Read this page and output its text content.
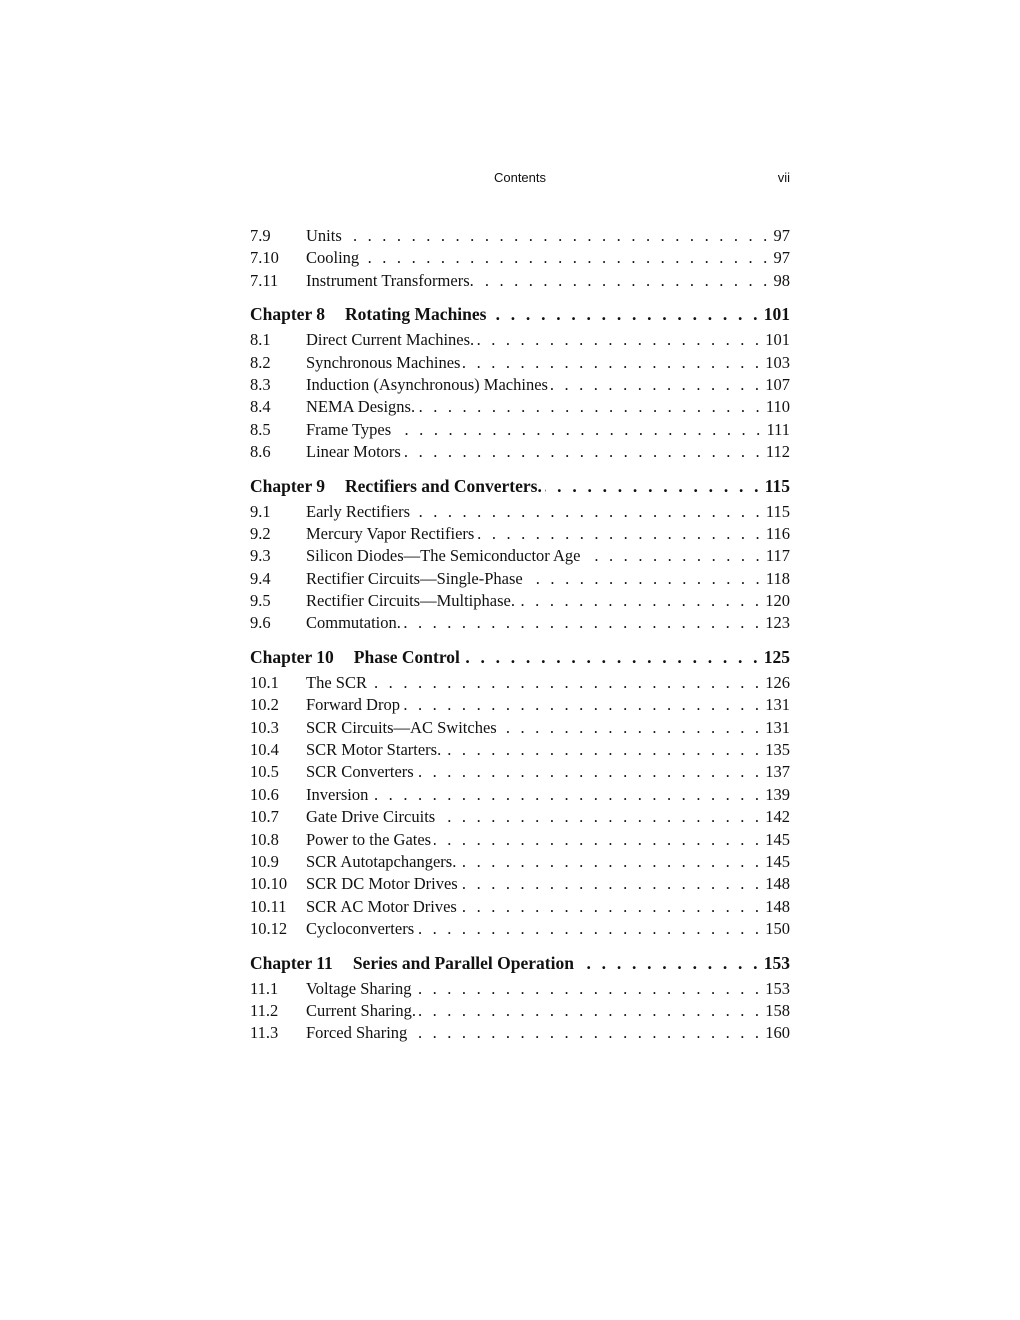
Contents	vii
7.9	Units . . .	97
7.10	Cooling . . .	97
7.11	Instrument Transformers. . . .	98
Chapter 8 Rotating Machines . . .	101
8.1	Direct Current Machines. . . .	101
8.2	Synchronous Machines . . .	103
8.3	Induction (Asynchronous) Machines . . .	107
8.4	NEMA Designs. . . .	110
8.5	Frame Types . . .	111
8.6	Linear Motors . . .	112
Chapter 9 Rectifiers and Converters. . . .	115
9.1	Early Rectifiers . . .	115
9.2	Mercury Vapor Rectifiers . . .	116
9.3	Silicon Diodes—The Semiconductor Age . . .	117
9.4	Rectifier Circuits—Single-Phase . . .	118
9.5	Rectifier Circuits—Multiphase. . . .	120
9.6	Commutation. . . .	123
Chapter 10 Phase Control . . .	125
10.1	The SCR . . .	126
10.2	Forward Drop . . .	131
10.3	SCR Circuits—AC Switches . . .	131
10.4	SCR Motor Starters. . . .	135
10.5	SCR Converters . . .	137
10.6	Inversion . . .	139
10.7	Gate Drive Circuits . . .	142
10.8	Power to the Gates . . .	145
10.9	SCR Autotapchangers. . . .	145
10.10	SCR DC Motor Drives . . .	148
10.11	SCR AC Motor Drives . . .	148
10.12	Cycloconverters . . .	150
Chapter 11 Series and Parallel Operation . . .	153
11.1	Voltage Sharing . . .	153
11.2	Current Sharing. . . .	158
11.3	Forced Sharing . . .	160
